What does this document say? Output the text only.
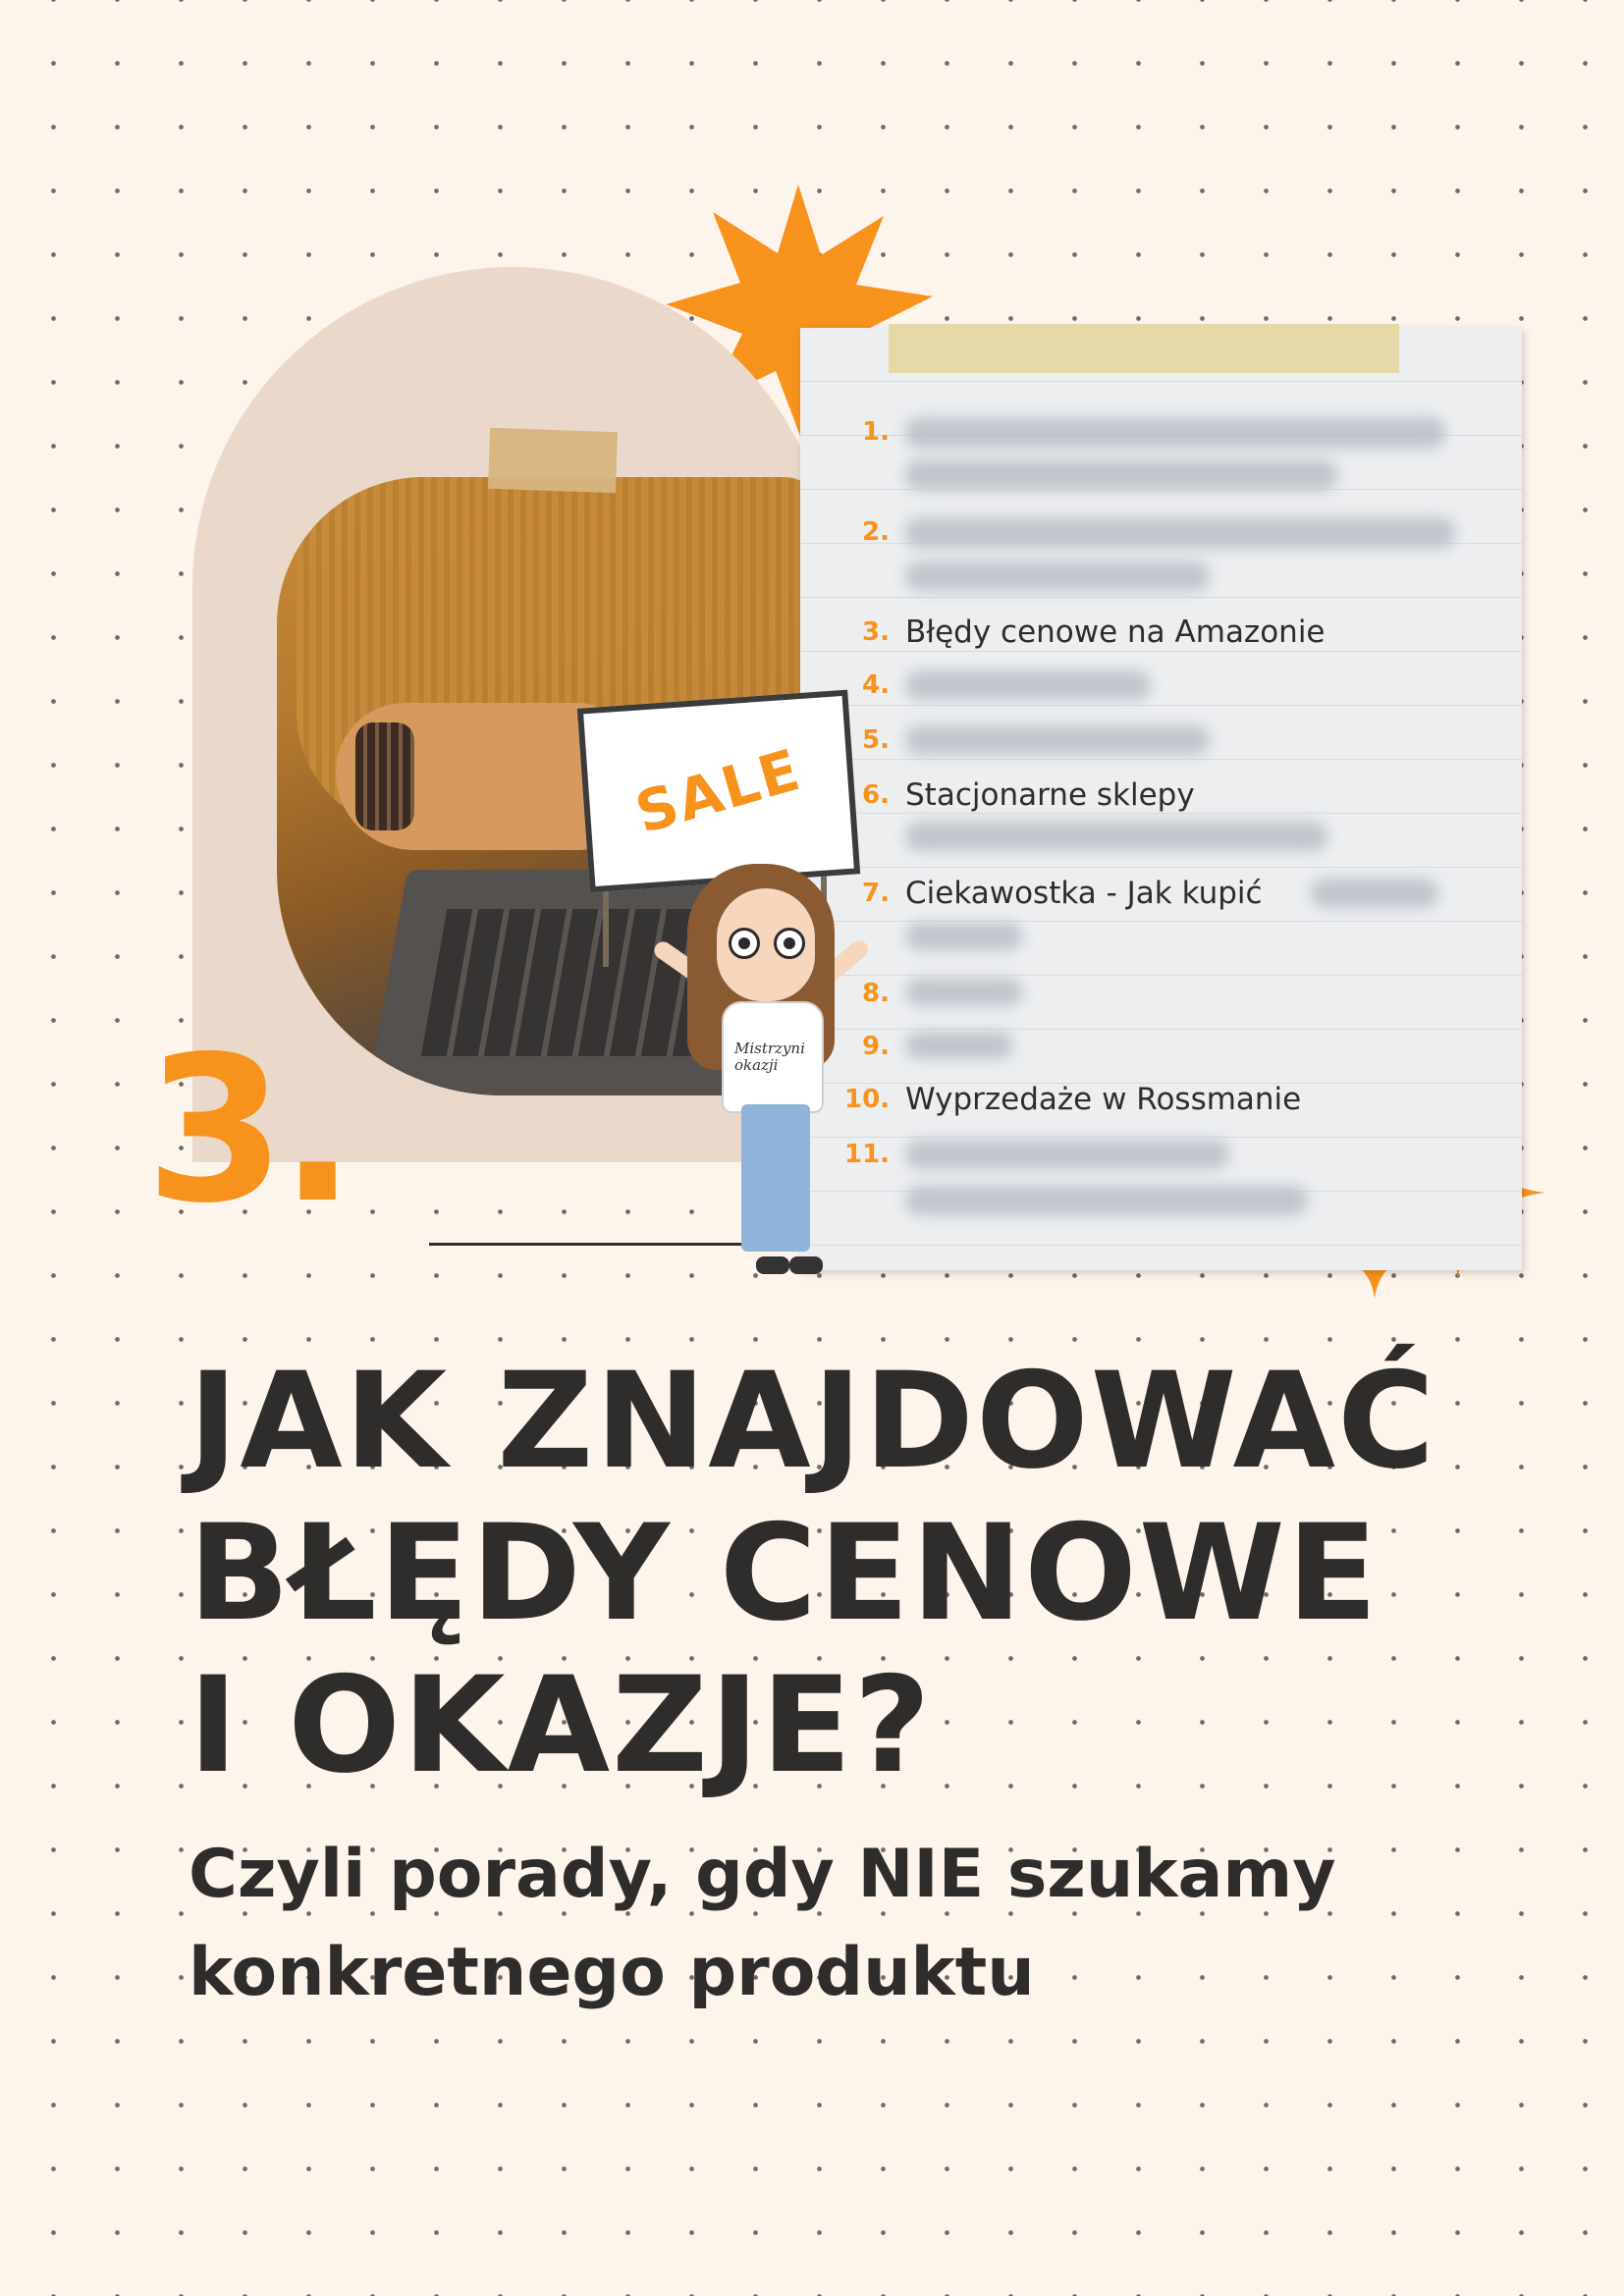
3.
1.
2.
3. Błędy cenowe na Amazonie
4.
5.
6. Stacjonarne sklepy
7. Ciekawostka - Jak kupić
8.
9.
10. Wyprzedaże w Rossmanie
11.
SALE
Mistrzyni
okazji
JAK ZNAJDOWAĆ
BŁĘDY CENOWE
I OKAZJE?
Czyli porady, gdy NIE szukamy
konkretnego produktu
